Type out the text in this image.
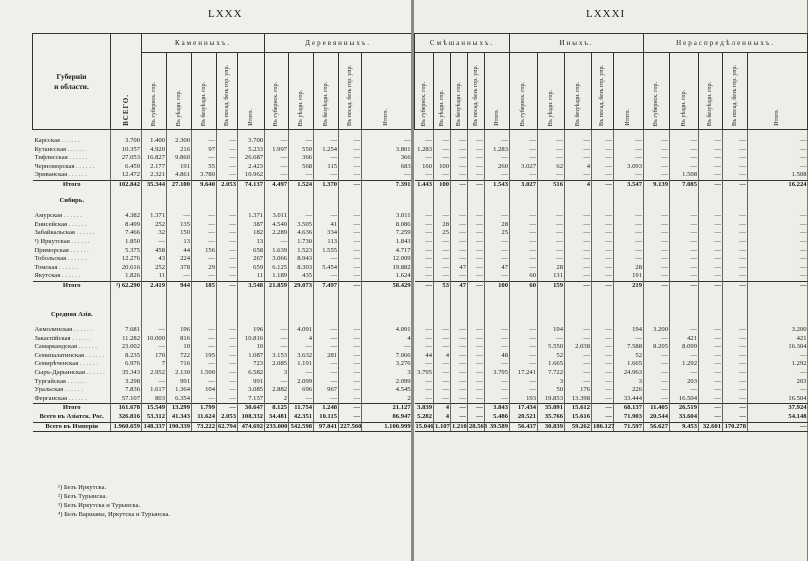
LXXX
Губерніи
и области.	ВСЕГО.	Каменныхъ.					Деревянныхъ.				
		Въ губернск. гор.	Въ уѣздн. гор.	Въ безуѣздн. гор.	Въ посад. безъ гор. упр.	Итого.	Въ губернск. гор.	Въ уѣздн. гор.	Въ безуѣздн. гор.	Въ посад. безъ гор. упр.	Итого.

Карсская . . .	3.700	1.400	2.300	—	—	3.700	—	—	—	—	—
Кутаисская . . .	10.357	4.920	216	97	—	5.233	1.997	550	1.254	—	3.801
Тифлисская . . .	27.053	16.827	9.860	—	—	26.687	—	366	—	—	366
Черноморская . . .	6.459	2.177	191	55	—	2.423	—	568	115	—	683
Эриванская . . .	12.472	2.321	4.861	3.780	—	10.962	—	—	—	—	—
Итого	102.842	35.344	27.100	9.640	2.053	74.137	4.497	1.524	1.370	—	7.391

Сибирь.											

Амурская . . .	4.382	1.371	—	—	—	1.371	3.011	—	—	—	3.011
Енисейская . . .	8.499	252	135	—	—	387	4.540	3.505	41	—	8.086
Забайкальская . . .	7.466	32	150	—	—	182	2.289	4.636	334	—	7.259
¹) Иркутская . . .	1.850	—	13	—	—	13	—	1.730	113	—	1.843
Приморская . . .	5.375	458	44	156	—	658	1.639	1.523	1.555	—	4.717
Тобольская . . .	12.276	43	224	—	—	267	3.066	8.943	—	—	12.009
Томская . . .	20.616	252	378	29	—	659	6.125	8.303	5.454	—	19.882
Якутская . . .	1.826	11	—	—	—	11	1.189	435	—	—	1.624
Итого	²) 62.290	2.419	944	185	—	3.548	21.859	29.073	7.497	—	58.429

Средняя Азія.											

Акмолинская . . .	7.681	—	196	—	—	196	—	4.091	—	—	4.091
Закаспійская . . .	11.282	10.000	816	—	—	10.816	—	4	—	—	4
Самаркандская . . .	23.002	—	10	—	—	10	—	—	—	—	—
Семипалатинская . . .	8.235	170	722	195	—	1.087	3.153	3.632	281	—	7.066
Семирѣченская . . .	6.976	7	716	—	—	723	2.085	1.191	—	—	3.276
Сыръ-Дарьинская . . .	35.343	2.952	2.130	1.500	—	6.582	3	—	—	—	3
Тургайская . . .	3.298	—	991	—	—	991	—	2.099	—	—	2.099
Уральская . . .	7.836	1.617	1.364	104	—	3.085	2.882	696	967	—	4.545
Ферганская . . .	57.107	803	6.354	—	—	7.157	2	—	—	—	2
Итого	161.678	15.549	13.299	1.799	—	30.647	8.125	11.754	1.248	—	21.127
Всего въ Азіатск. Рос.	326.816	53.312	41.343	11.624	2.053	108.332	34.481	42.351	10.115	—	86.947
Всего въ Имперіи	1.960.659	148.337	190.339	73.222	62.794	474.692	233.000	542.598	97.841	227.560	1.100.999
¹) Безъ Иркутска.
²) Безъ Турынска.
³) Безъ Иркутска и Турынска.
⁴) Безъ Варшавы, Иркутска и Турынска.
LXXXI
Смѣшанныхъ.					Иныхъ.					Нераспредѣленныхъ.				
Въ губернск. гор.	Въ уѣздн. гор.	Въ безуѣздн. гор.	Въ посад. безъ гор. упр.	Итого.	Въ губернск. гор.	Въ уѣздн. гор.	Въ безуѣздн. гор.	Въ посад. безъ гор. упр.	Итого.	Въ губернск. гор.	Въ уѣздн. гор.	Въ безуѣздн. гор.	Въ посад. безъ гор. упр.	Итого.

—	—	—	—	—	—	—	—	—	—	—	—	—	—	—
1.283	—	—	—	1.283	—	—	—	—	—	—	—	—	—	—
—	—	—	—	—	—	—	—	—	—	—	—	—	—	—
160	100	—	—	260	3.027	62	4	—	3.093	—	—	—	—	—
—	—	—	—	—	—	—	—	—	—	—	1.508	—	—	1.508
1.443	100	—	—	1.543	3.027	516	4	—	3.547	9.139	7.085	—	—	16.224

—	—	—	—	—	—	—	—	—	—	—	—	—	—	—
—	28	—	—	28	—	—	—	—	—	—	—	—	—	—
—	25	—	—	25	—	—	—	—	—	—	—	—	—	—
—	—	—	—	—	—	—	—	—	—	—	—	—	—	—
—	—	—	—	—	—	—	—	—	—	—	—	—	—	—
—	—	—	—	—	—	—	—	—	—	—	—	—	—	—
—	—	47	—	47	—	28	—	—	28	—	—	—	—	—
—	—	—	—	—	60	131	—	—	191	—	—	—	—	—
—	53	47	—	100	60	159	—	—	219	—	—	—	—	—

—	—	—	—	—	—	194	—	—	194	3.200	—	—	—	3.200
—	—	—	—	—	—	—	—	—	—	—	421	—	—	421
—	—	—	—	—	—	5.550	2.038	—	7.588	8.205	8.099	—	—	16.304
44	4	—	—	48	—	52	—	—	52	—	—	—	—	—
—	—	—	—	—	—	1.665	—	—	1.665	—	1.292	—	—	1.292
3.795	—	—	—	3.795	17.241	7.722	—	—	24.963	—	—	—	—	—
—	—	—	—	—	—	3	—	—	3	—	203	—	—	203
—	—	—	—	—	—	50	176	—	226	—	—	—	—	—
—	—	—	—	—	193	19.853	13.398	—	33.444	—	16.504	—	—	16.504
3.839	4	—	—	3.843	17.434	35.091	15.612	—	68.137	11.405	26.519	—	—	37.924
5.282	4	—	—	5.486	20.521	35.766	15.616	—	71.903	20.544	33.604	—	—	54.148
15.046	1.107	1.210	28.563	39.589	56.437	30.839	59.262	186.127	71.597	56.627	9.453	32.601	170.278	—
